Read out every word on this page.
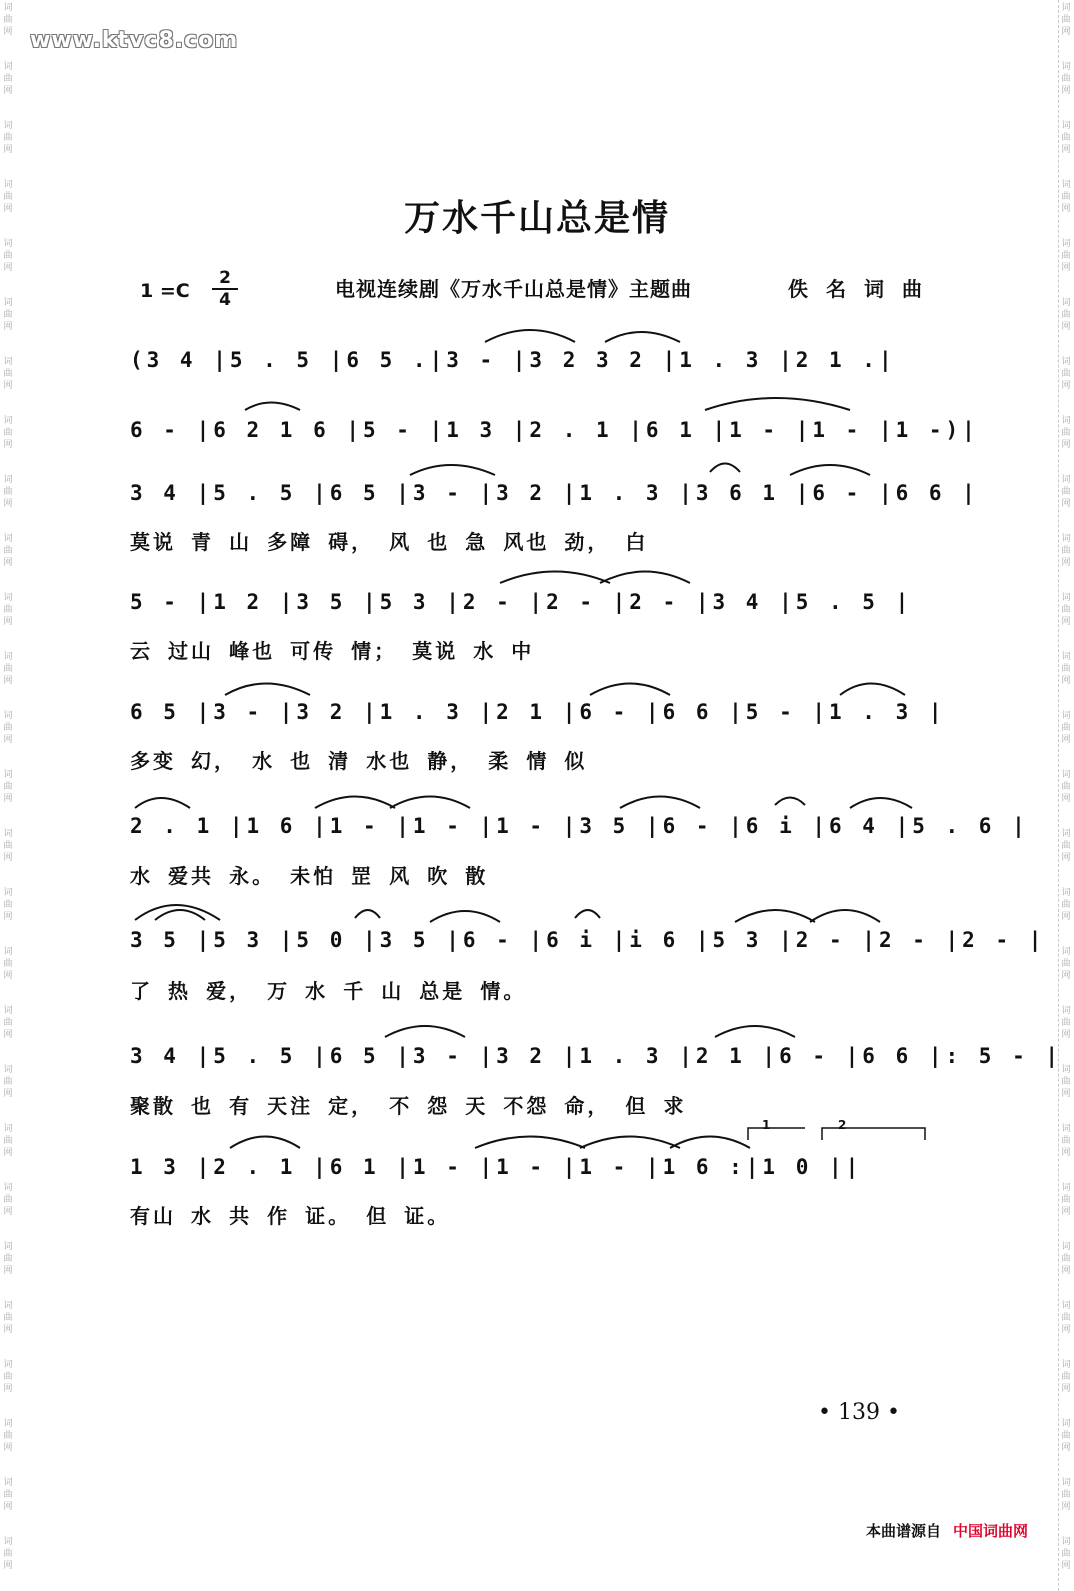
词
曲
网
词
曲
网
词
曲
网
词
曲
网
词
曲
网
词
曲
网
词
曲
网
词
曲
网
词
曲
网
词
曲
网
词
曲
网
词
曲
网
词
曲
网
词
曲
网
词
曲
网
词
曲
网
词
曲
网
词
曲
网
词
曲
网
词
曲
网
词
曲
网
词
曲
网
词
曲
网
词
曲
网
词
曲
网
词
曲
网
词
曲
网
词
曲
网
词
曲
网
词
曲
网
词
曲
网
词
曲
网
词
曲
网
词
曲
网
词
曲
网
词
曲
网
词
曲
网
词
曲
网
词
曲
网
词
曲
网
词
曲
网
词
曲
网
词
曲
网
词
曲
网
词
曲
网
词
曲
网
词
曲
网
词
曲
网
词
曲
网
词
曲
网
词
曲
网
词
曲
网
词
曲
网
词
曲
网
www.ktvc8.com
万水千山总是情
1 =C
2
4	电视连续剧《万水千山总是情》主题曲	佚名词曲
(3 4 |5 . 5 |6 5 .|3 - |3 2 3 2 |1 . 3 |2 1 .|
6 - |6 2 1 6 |5 - |1 3 |2 . 1 |6 1 |1 - |1 - |1 -)|
3 4 |5 . 5 |6 5 |3 - |3 2 |1 . 3 |3 6 1 |6 - |6 6 |
莫说 青 山 多障 碍， 风 也 急 风也 劲， 白
5 - |1 2 |3 5 |5 3 |2 - |2 - |2 - |3 4 |5 . 5 |
云 过山 峰也 可传 情； 莫说 水 中
6 5 |3 - |3 2 |1 . 3 |2 1 |6 - |6 6 |5 - |1 . 3 |
多变 幻， 水 也 清 水也 静， 柔 情 似
2 . 1 |1 6 |1 - |1 - |1 - |3 5 |6 - |6 i |6 4 |5 . 6 |
水 爱共 永。 未怕 罡 风 吹 散
3 5 |5 3 |5 0 |3 5 |6 - |6 i |i 6 |5 3 |2 - |2 - |2 - |
了 热 爱， 万 水 千 山 总是 情。
3 4 |5 . 5 |6 5 |3 - |3 2 |1 . 3 |2 1 |6 - |6 6 |: 5 - |
聚散 也 有 天注 定， 不 怨 天 不怨 命， 但 求
1 3 |2 . 1 |6 1 |1 - |1 - |1 - |1 6 :|1 0 ||
有山 水 共 作 证。 但 证。
1	2
• 139 •
本曲谱源自 中国词曲网
